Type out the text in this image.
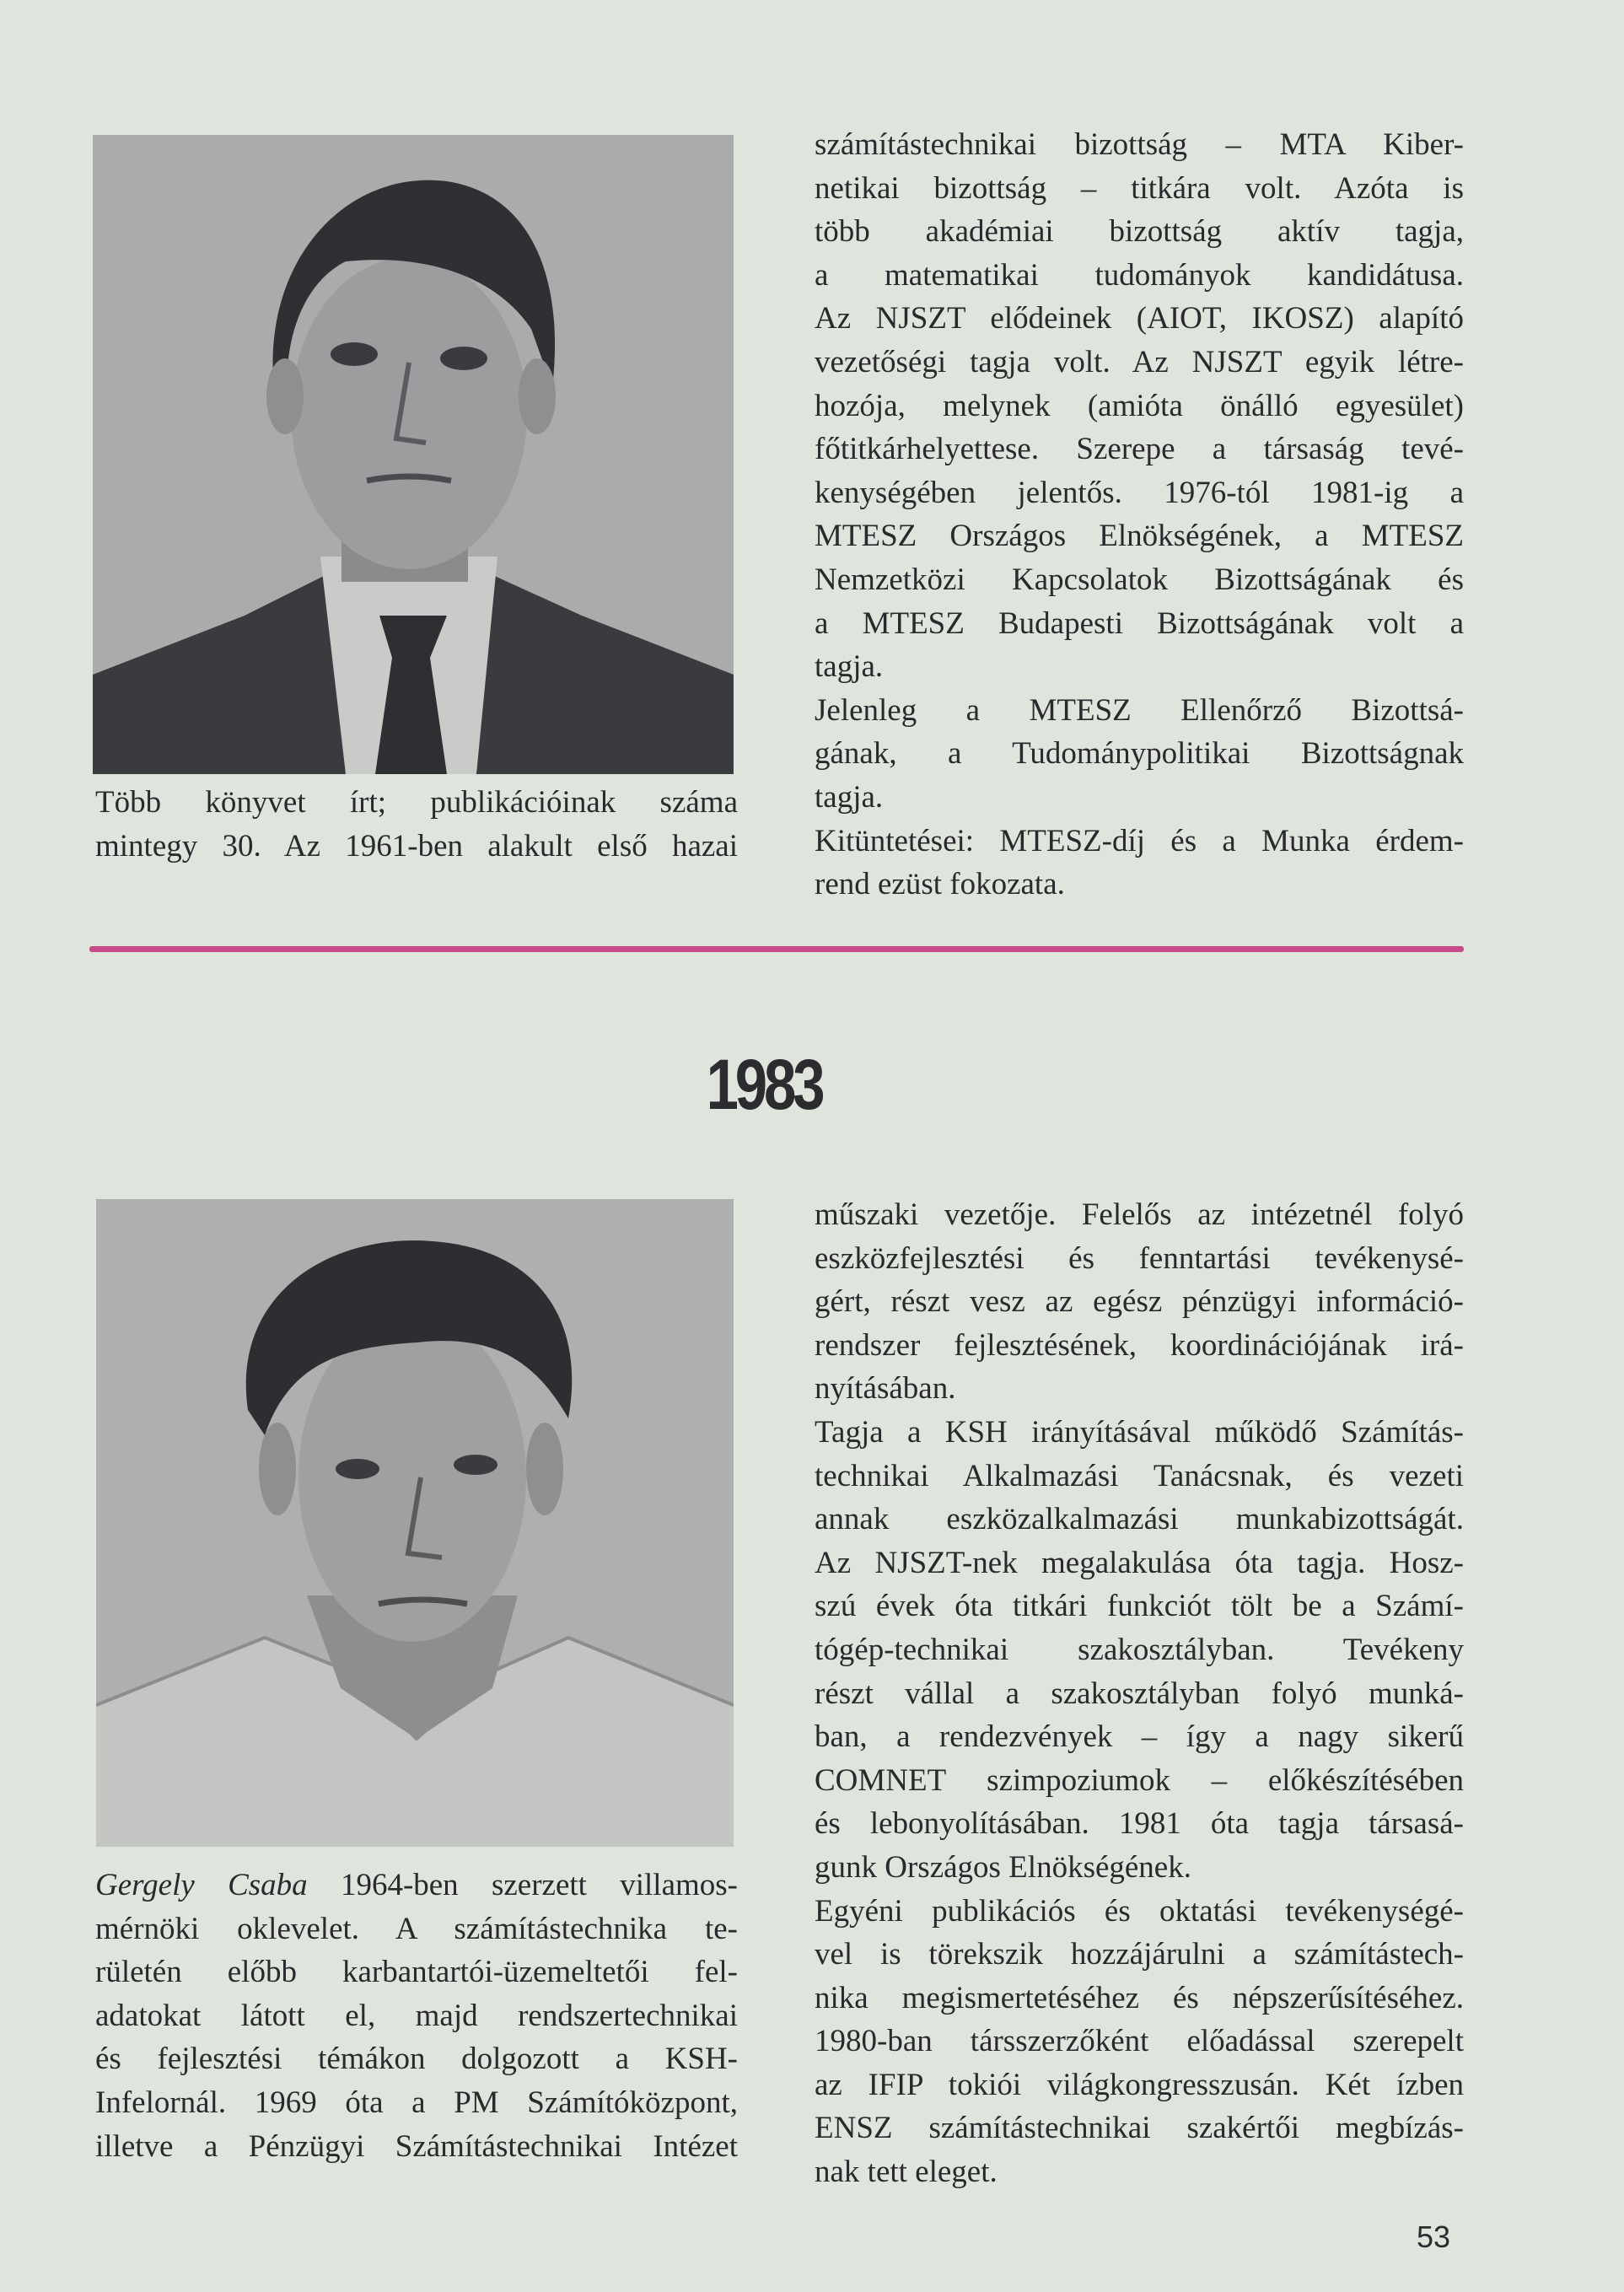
Több könyvet írt; publikációinak száma
mintegy 30. Az 1961-ben alakult első hazai
számítástechnikai bizottság – MTA Kiber-
netikai bizottság – titkára volt. Azóta is
több akadémiai bizottság aktív tagja,
a matematikai tudományok kandidátusa.
Az NJSZT elődeinek (AIOT, IKOSZ) alapító
vezetőségi tagja volt. Az NJSZT egyik létre-
hozója, melynek (amióta önálló egyesület)
főtitkárhelyettese. Szerepe a társaság tevé-
kenységében jelentős. 1976-tól 1981-ig a
MTESZ Országos Elnökségének, a MTESZ
Nemzetközi Kapcsolatok Bizottságának és
a MTESZ Budapesti Bizottságának volt a
tagja.
Jelenleg a MTESZ Ellenőrző Bizottsá-
gának, a Tudománypolitikai Bizottságnak
tagja.
Kitüntetései: MTESZ-díj és a Munka érdem-
rend ezüst fokozata.
1983
Gergely Csaba 1964-ben szerzett villamos-
mérnöki oklevelet. A számítástechnika te-
rületén előbb karbantartói-üzemeltetői fel-
adatokat látott el, majd rendszertechnikai
és fejlesztési témákon dolgozott a KSH-
Infelornál. 1969 óta a PM Számítóközpont,
illetve a Pénzügyi Számítástechnikai Intézet
műszaki vezetője. Felelős az intézetnél folyó
eszközfejlesztési és fenntartási tevékenysé-
gért, részt vesz az egész pénzügyi információ-
rendszer fejlesztésének, koordinációjának irá-
nyításában.
Tagja a KSH irányításával működő Számítás-
technikai Alkalmazási Tanácsnak, és vezeti
annak eszközalkalmazási munkabizottságát.
Az NJSZT-nek megalakulása óta tagja. Hosz-
szú évek óta titkári funkciót tölt be a Számí-
tógép-technikai szakosztályban. Tevékeny
részt vállal a szakosztályban folyó munká-
ban, a rendezvények – így a nagy sikerű
COMNET szimpoziumok – előkészítésében
és lebonyolításában. 1981 óta tagja társasá-
gunk Országos Elnökségének.
Egyéni publikációs és oktatási tevékenységé-
vel is törekszik hozzájárulni a számítástech-
nika megismertetéséhez és népszerűsítéséhez.
1980-ban társszerzőként előadással szerepelt
az IFIP tokiói világkongresszusán. Két ízben
ENSZ számítástechnikai szakértői megbízás-
nak tett eleget.
53
